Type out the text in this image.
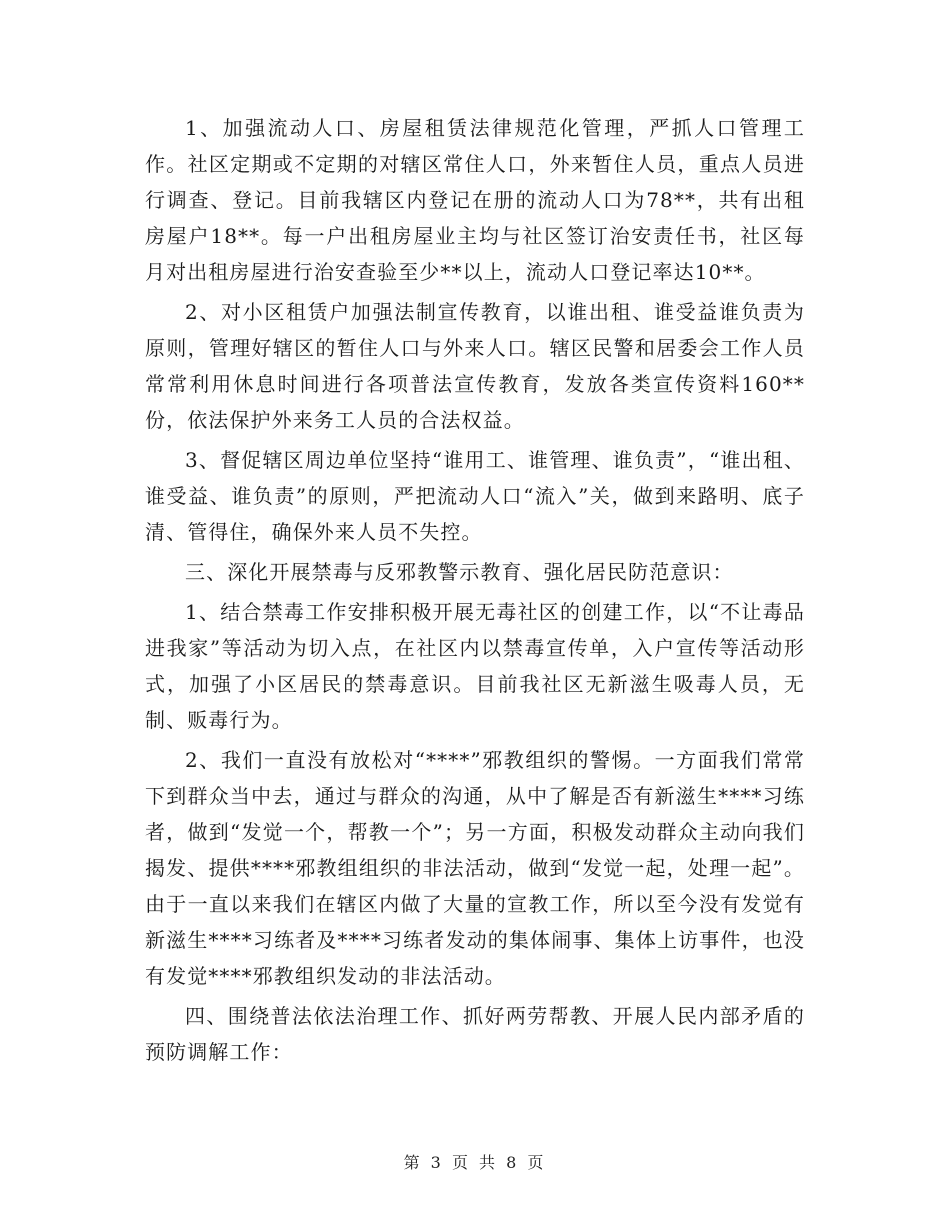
1、加强流动人口、房屋租赁法律规范化管理，严抓人口管理工作。社区定期或不定期的对辖区常住人口，外来暂住人员，重点人员进行调查、登记。目前我辖区内登记在册的流动人口为78**，共有出租房屋户18**。每一户出租房屋业主均与社区签订治安责任书，社区每月对出租房屋进行治安查验至少**以上，流动人口登记率达10**。

2、对小区租赁户加强法制宣传教育，以谁出租、谁受益谁负责为原则，管理好辖区的暂住人口与外来人口。辖区民警和居委会工作人员常常利用休息时间进行各项普法宣传教育，发放各类宣传资料160**份，依法保护外来务工人员的合法权益。

3、督促辖区周边单位坚持“谁用工、谁管理、谁负责”，“谁出租、谁受益、谁负责”的原则，严把流动人口“流入”关，做到来路明、底子清、管得住，确保外来人员不失控。

三、深化开展禁毒与反邪教警示教育、强化居民防范意识：

1、结合禁毒工作安排积极开展无毒社区的创建工作，以“不让毒品进我家”等活动为切入点，在社区内以禁毒宣传单，入户宣传等活动形式，加强了小区居民的禁毒意识。目前我社区无新滋生吸毒人员，无制、贩毒行为。

2、我们一直没有放松对“****”邪教组织的警惕。一方面我们常常下到群众当中去，通过与群众的沟通，从中了解是否有新滋生****习练者，做到“发觉一个，帮教一个”；另一方面，积极发动群众主动向我们揭发、提供****邪教组组织的非法活动，做到“发觉一起，处理一起”。由于一直以来我们在辖区内做了大量的宣教工作，所以至今没有发觉有新滋生****习练者及****习练者发动的集体闹事、集体上访事件，也没有发觉****邪教组织发动的非法活动。

四、围绕普法依法治理工作、抓好两劳帮教、开展人民内部矛盾的预防调解工作：

第 3 页 共 8 页
